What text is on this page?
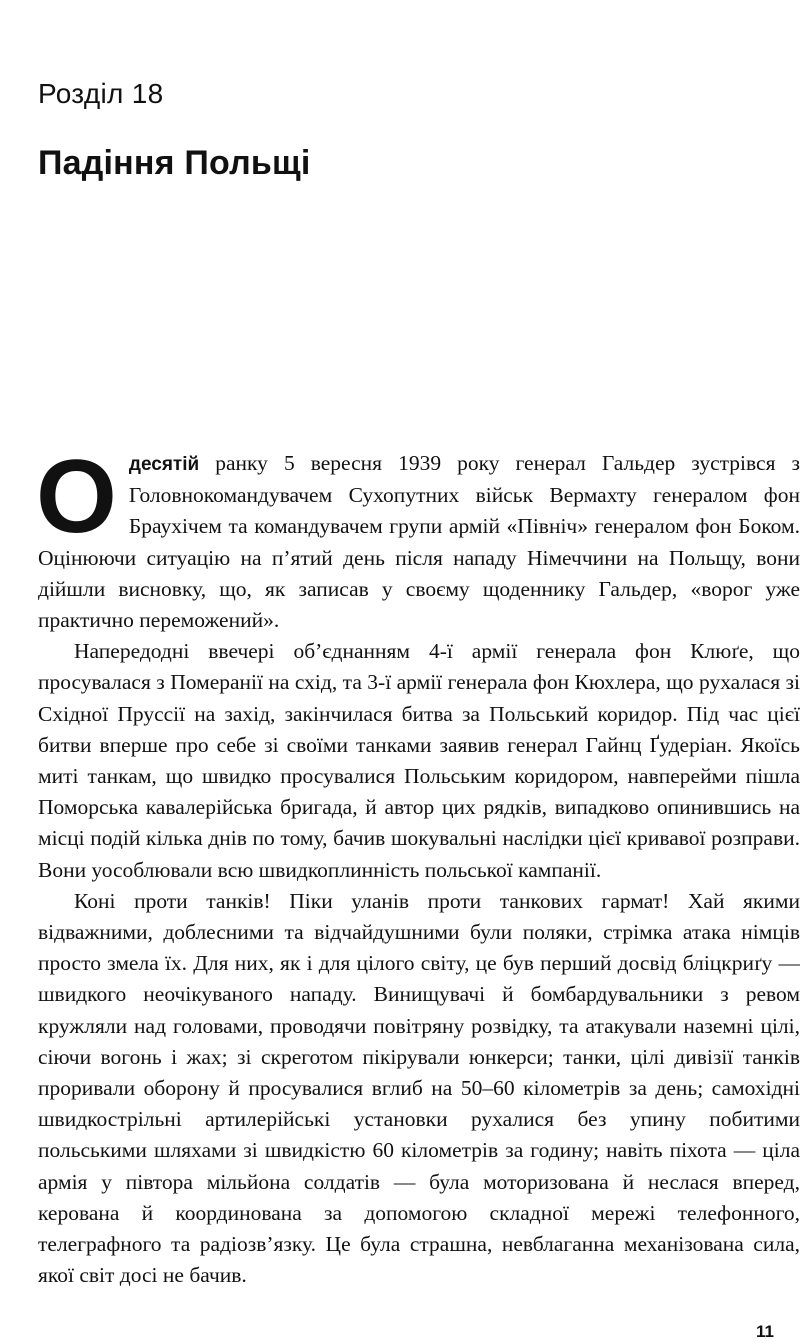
Розділ 18
Падіння Польщі

Одесятій ранку 5 вересня 1939 року генерал Гальдер зустрівся з Головнокомандувачем Сухопутних військ Вермахту генералом фон Браухічем та командувачем групи армій «Північ» генералом фон Боком. Оцінюючи ситуацію на п’ятий день після нападу Німеччини на Польщу, вони дійшли висновку, що, як записав у своєму щоденнику Гальдер, «ворог уже практично переможений».

Напередодні ввечері об’єднанням 4-ї армії генерала фон Клюґе, що просувалася з Померанії на схід, та 3-ї армії генерала фон Кюхлера, що рухалася зі Східної Пруссії на захід, закінчилася битва за Польський коридор. Під час цієї битви вперше про себе зі своїми танками заявив генерал Гайнц Ґудеріан. Якоїсь миті танкам, що швидко просувалися Польським коридором, навперейми пішла Поморська кавалерійська бригада, й автор цих рядків, випадково опинившись на місці подій кілька днів по тому, бачив шокувальні наслідки цієї кривавої розправи. Вони уособлювали всю швидкоплинність польської кампанії.

Коні проти танків! Піки уланів проти танкових гармат! Хай якими відважними, доблесними та відчайдушними були поляки, стрімка атака німців просто змела їх. Для них, як і для цілого світу, це був перший досвід бліцкриґу — швидкого неочікуваного нападу. Винищувачі й бомбардувальники з ревом кружляли над головами, проводячи повітряну розвідку, та атакували наземні цілі, сіючи вогонь і жах; зі скреготом пікірували юнкерси; танки, цілі дивізії танків проривали оборону й просувалися вглиб на 50–60 кілометрів за день; самохідні швидкострільні артилерійські установки рухалися без упину побитими польськими шляхами зі швидкістю 60 кілометрів за годину; навіть піхота — ціла армія у півтора мільйона солдатів — була моторизована й неслася вперед, керована й координована за допомогою складної мережі телефонного, телеграфного та радіозв’язку. Це була страшна, невблаганна механізована сила, якої світ досі не бачив.

11
